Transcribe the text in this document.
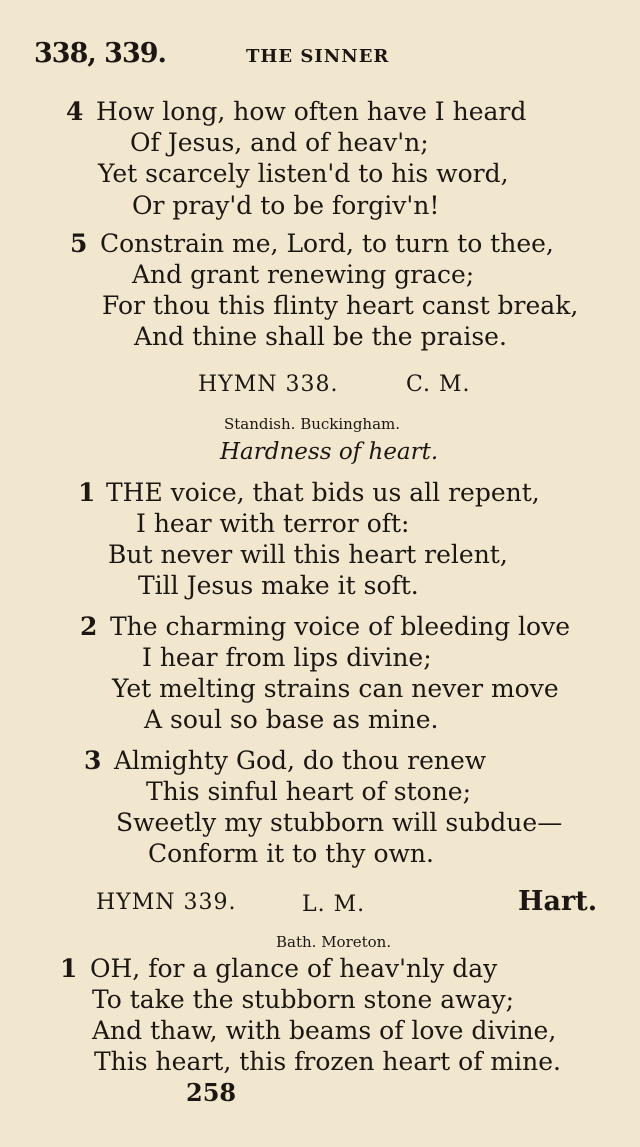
338, 339.	THE SINNER
4 How long, how often have I heard
Of Jesus, and of heav'n;
Yet scarcely listen'd to his word,
Or pray'd to be forgiv'n!
5 Constrain me, Lord, to turn to thee,
And grant renewing grace;
For thou this flinty heart canst break,
And thine shall be the praise.
HYMN 338.	C. M.
Standish. Buckingham.
Hardness of heart.
1 THE voice, that bids us all repent,
I hear with terror oft:
But never will this heart relent,
Till Jesus make it soft.
2 The charming voice of bleeding love
I hear from lips divine;
Yet melting strains can never move
A soul so base as mine.
3 Almighty God, do thou renew
This sinful heart of stone;
Sweetly my stubborn will subdue—
Conform it to thy own.
HYMN 339.	L. M.	Hart.
Bath. Moreton.
1 OH, for a glance of heav'nly day
To take the stubborn stone away;
And thaw, with beams of love divine,
This heart, this frozen heart of mine.
258
